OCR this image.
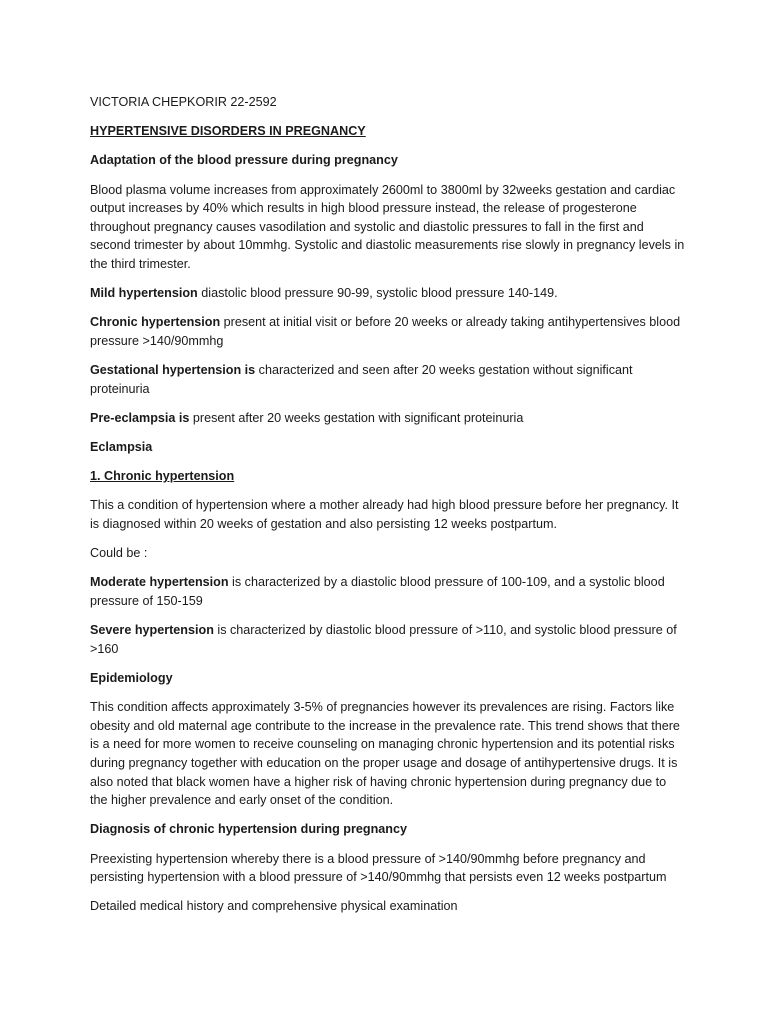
VICTORIA CHEPKORIR 22-2592

HYPERTENSIVE DISORDERS IN PREGNANCY

Adaptation of the blood pressure during pregnancy

Blood plasma volume increases from approximately 2600ml to 3800ml by 32weeks gestation and cardiac output increases by 40% which results in high blood pressure instead, the release of progesterone throughout pregnancy causes vasodilation and systolic and diastolic pressures to fall in the first and second trimester by about 10mmhg. Systolic and diastolic measurements rise slowly in pregnancy levels in the third trimester.

Mild hypertension diastolic blood pressure 90-99, systolic blood pressure 140-149.

Chronic hypertension present at initial visit or before 20 weeks or already taking antihypertensives blood pressure >140/90mmhg

Gestational hypertension is characterized and seen after 20 weeks gestation without significant proteinuria

Pre-eclampsia is present after 20 weeks gestation with significant proteinuria

Eclampsia

1. Chronic hypertension

This a condition of hypertension where a mother already had high blood pressure before her pregnancy. It is diagnosed within 20 weeks of gestation and also persisting 12 weeks postpartum.

Could be :

Moderate hypertension is characterized by a diastolic blood pressure of 100-109, and a systolic blood pressure of 150-159

Severe hypertension is characterized by diastolic blood pressure of >110, and systolic blood pressure of >160

Epidemiology

This condition affects approximately 3-5% of pregnancies however its prevalences are rising. Factors like obesity and old maternal age contribute to the increase in the prevalence rate. This trend shows that there is a need for more women to receive counseling on managing chronic hypertension and its potential risks during pregnancy together with education on the proper usage and dosage of antihypertensive drugs. It is also noted that black women have a higher risk of having chronic hypertension during pregnancy due to the higher prevalence and early onset of the condition.

Diagnosis of chronic hypertension during pregnancy

Preexisting hypertension whereby there is a blood pressure of >140/90mmhg before pregnancy and persisting hypertension with a blood pressure of >140/90mmhg that persists even 12 weeks postpartum

Detailed medical history and comprehensive physical examination
